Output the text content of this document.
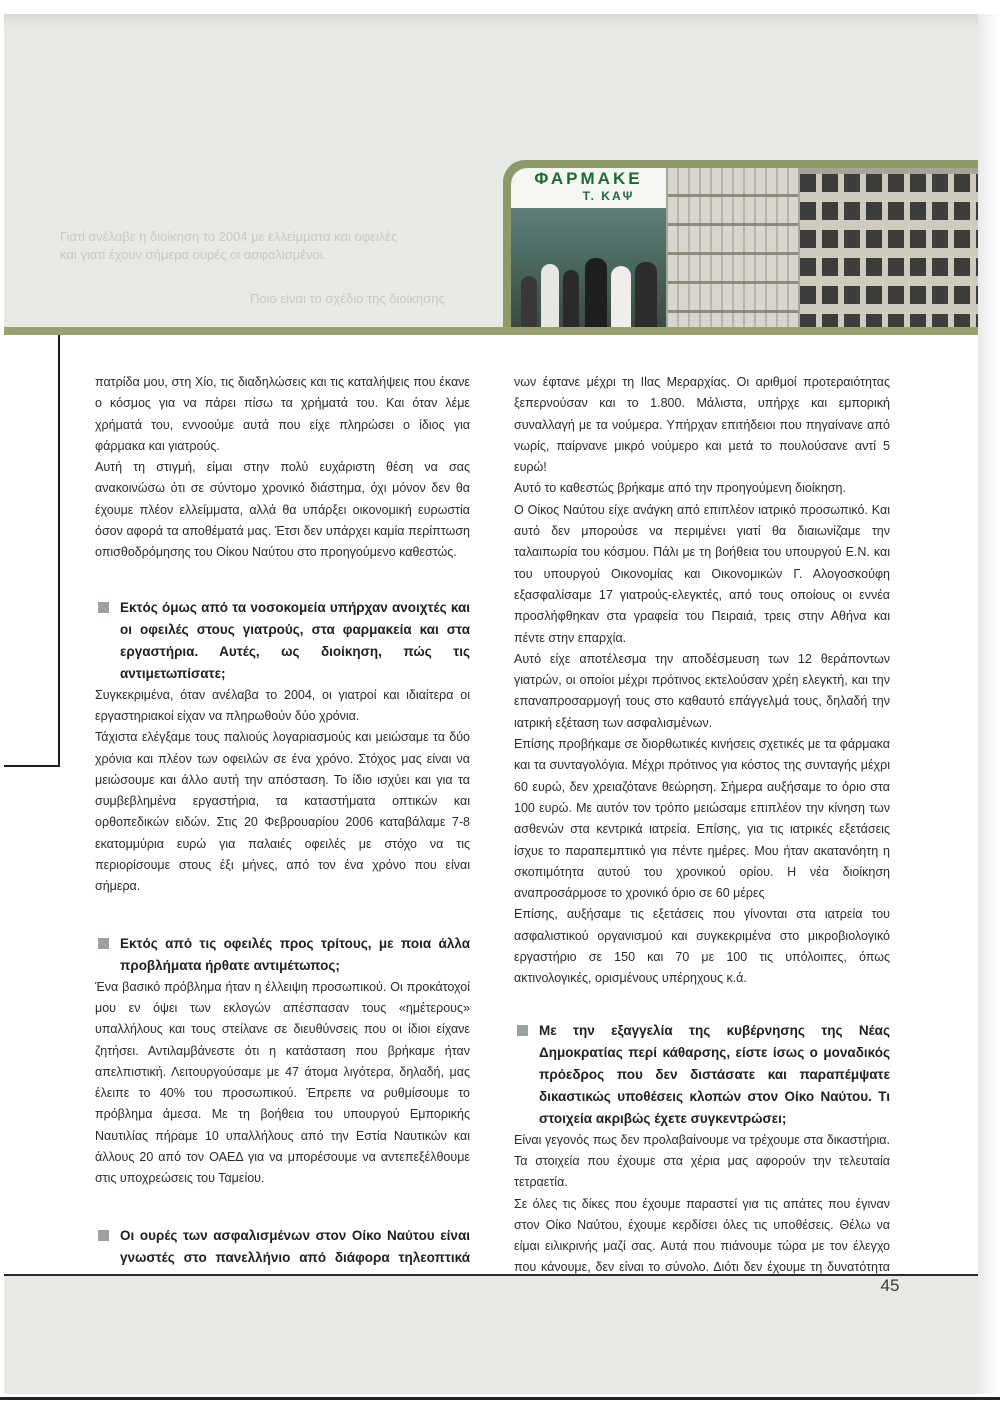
Γιατί ανέλαβε η διοίκηση το 2004 με ελλείμματα και οφειλές
και γιατί έχουν σήμερα ουρές οι ασφαλισμένοι.
Ποιο είναι το σχέδιο της διοίκησης
ΦΑΡΜΑΚΕ
Τ. ΚΑΨ

πατρίδα μου, στη Χίο, τις διαδηλώσεις και τις καταλήψεις που έκανε ο κόσμος για να πάρει πίσω τα χρήματά του. Και όταν λέμε χρήματά του, εννοούμε αυτά που είχε πληρώσει ο ίδιος για φάρμακα και γιατρούς.

Αυτή τη στιγμή, είμαι στην πολύ ευχάριστη θέση να σας ανακοινώσω ότι σε σύντομο χρονικό διάστημα, όχι μόνον δεν θα έχουμε πλέον ελλείμματα, αλλά θα υπάρξει οικονομική ευρωστία όσον αφορά τα αποθέματά μας. Έτσι δεν υπάρχει καμία περίπτωση οπισθοδρόμησης του Οίκου Ναύτου στο προηγούμενο καθεστώς.

Εκτός όμως από τα νοσοκομεία υπήρχαν ανοιχτές και οι οφειλές στους γιατρούς, στα φαρμακεία και στα εργαστήρια. Αυτές, ως διοίκηση, πώς τις αντιμετωπίσατε;

Συγκεκριμένα, όταν ανέλαβα το 2004, οι γιατροί και ιδιαίτερα οι εργαστηριακοί είχαν να πληρωθούν δύο χρόνια.

Τάχιστα ελέγξαμε τους παλιούς λογαριασμούς και μειώσαμε τα δύο χρόνια και πλέον των οφειλών σε ένα χρόνο. Στόχος μας είναι να μειώσουμε και άλλο αυτή την απόσταση. Το ίδιο ισχύει και για τα συμβεβλημένα εργαστήρια, τα καταστήματα οπτικών και ορθοπεδικών ειδών. Στις 20 Φεβρουαρίου 2006 καταβάλαμε 7-8 εκατομμύρια ευρώ για παλαιές οφειλές με στόχο να τις περιορίσουμε στους έξι μήνες, από τον ένα χρόνο που είναι σήμερα.

Εκτός από τις οφειλές προς τρίτους, με ποια άλλα προβλήματα ήρθατε αντιμέτωπος;

Ένα βασικό πρόβλημα ήταν η έλλειψη προσωπικού. Οι προκάτοχοί μου εν όψει των εκλογών απέσπασαν τους «ημέτερους» υπαλλήλους και τους στείλανε σε διευθύνσεις που οι ίδιοι είχανε ζητήσει. Αντιλαμβάνεστε ότι η κατάσταση που βρήκαμε ήταν απελπιστική. Λειτουργούσαμε με 47 άτομα λιγότερα, δηλαδή, μας έλειπε το 40% του προσωπικού. Έπρεπε να ρυθμίσουμε το πρόβλημα άμεσα. Με τη βοήθεια του υπουργού Εμπορικής Ναυτιλίας πήραμε 10 υπαλλήλους από την Εστία Ναυτικών και άλλους 20 από τον ΟΑΕΔ για να μπορέσουμε να αντεπεξέλθουμε στις υποχρεώσεις του Ταμείου.

Οι ουρές των ασφαλισμένων στον Οίκο Ναύτου είναι γνωστές στο πανελλήνιο από διάφορα τηλεοπτικά

νων έφτανε μέχρι τη Ιlας Μεραρχίας. Οι αριθμοί προτεραιότητας ξεπερνούσαν και το 1.800. Μάλιστα, υπήρχε και εμπορική συναλλαγή με τα νούμερα. Υπήρχαν επιτήδειοι που πηγαίνανε από νωρίς, παίρνανε μικρό νούμερο και μετά το πουλούσανε αντί 5 ευρώ!

Αυτό το καθεστώς βρήκαμε από την προηγούμενη διοίκηση.

Ο Οίκος Ναύτου είχε ανάγκη από επιπλέον ιατρικό προσωπικό. Και αυτό δεν μπορούσε να περιμένει γιατί θα διαιωνίζαμε την ταλαιπωρία του κόσμου. Πάλι με τη βοήθεια του υπουργού Ε.Ν. και του υπουργού Οικονομίας και Οικονομικών Γ. Αλογοσκούφη εξασφαλίσαμε 17 γιατρούς-ελεγκτές, από τους οποίους οι εννέα προσλήφθηκαν στα γραφεία του Πειραιά, τρεις στην Αθήνα και πέντε στην επαρχία.

Αυτό είχε αποτέλεσμα την αποδέσμευση των 12 θεράποντων γιατρών, οι οποίοι μέχρι πρότινος εκτελούσαν χρέη ελεγκτή, και την επαναπροσαρμογή τους στο καθαυτό επάγγελμά τους, δηλαδή την ιατρική εξέταση των ασφαλισμένων.

Επίσης προβήκαμε σε διορθωτικές κινήσεις σχετικές με τα φάρμακα και τα συνταγολόγια. Μέχρι πρότινος για κόστος της συνταγής μέχρι 60 ευρώ, δεν χρειαζότανε θεώρηση. Σήμερα αυξήσαμε το όριο στα 100 ευρώ. Με αυτόν τον τρόπο μειώσαμε επιπλέον την κίνηση των ασθενών στα κεντρικά ιατρεία. Επίσης, για τις ιατρικές εξετάσεις ίσχυε το παραπεμπτικό για πέντε ημέρες. Μου ήταν ακατανόητη η σκοπιμότητα αυτού του χρονικού ορίου. Η νέα διοίκηση αναπροσάρμοσε το χρονικό όριο σε 60 μέρες

Επίσης, αυξήσαμε τις εξετάσεις που γίνονται στα ιατρεία του ασφαλιστικού οργανισμού και συγκεκριμένα στο μικροβιολογικό εργαστήριο σε 150 και 70 με 100 τις υπόλοιπες, όπως ακτινολογικές, ορισμένους υπέρηχους κ.ά.

Με την εξαγγελία της κυβέρνησης της Νέας Δημοκρατίας περί κάθαρσης, είστε ίσως ο μοναδικός πρόεδρος που δεν διστάσατε και παραπέμψατε δικαστικώς υποθέσεις κλοπών στον Οίκο Ναύτου. Τι στοιχεία ακριβώς έχετε συγκεντρώσει;

Είναι γεγονός πως δεν προλαβαίνουμε να τρέχουμε στα δικαστήρια. Τα στοιχεία που έχουμε στα χέρια μας αφορούν την τελευταία τετραετία.

Σε όλες τις δίκες που έχουμε παραστεί για τις απάτες που έγιναν στον Οίκο Ναύτου, έχουμε κερδίσει όλες τις υποθέσεις. Θέλω να είμαι ειλικρινής μαζί σας. Αυτά που πιάνουμε τώρα με τον έλεγχο που κάνουμε, δεν είναι το σύνολο. Διότι δεν έχουμε τη δυνατότητα

45
